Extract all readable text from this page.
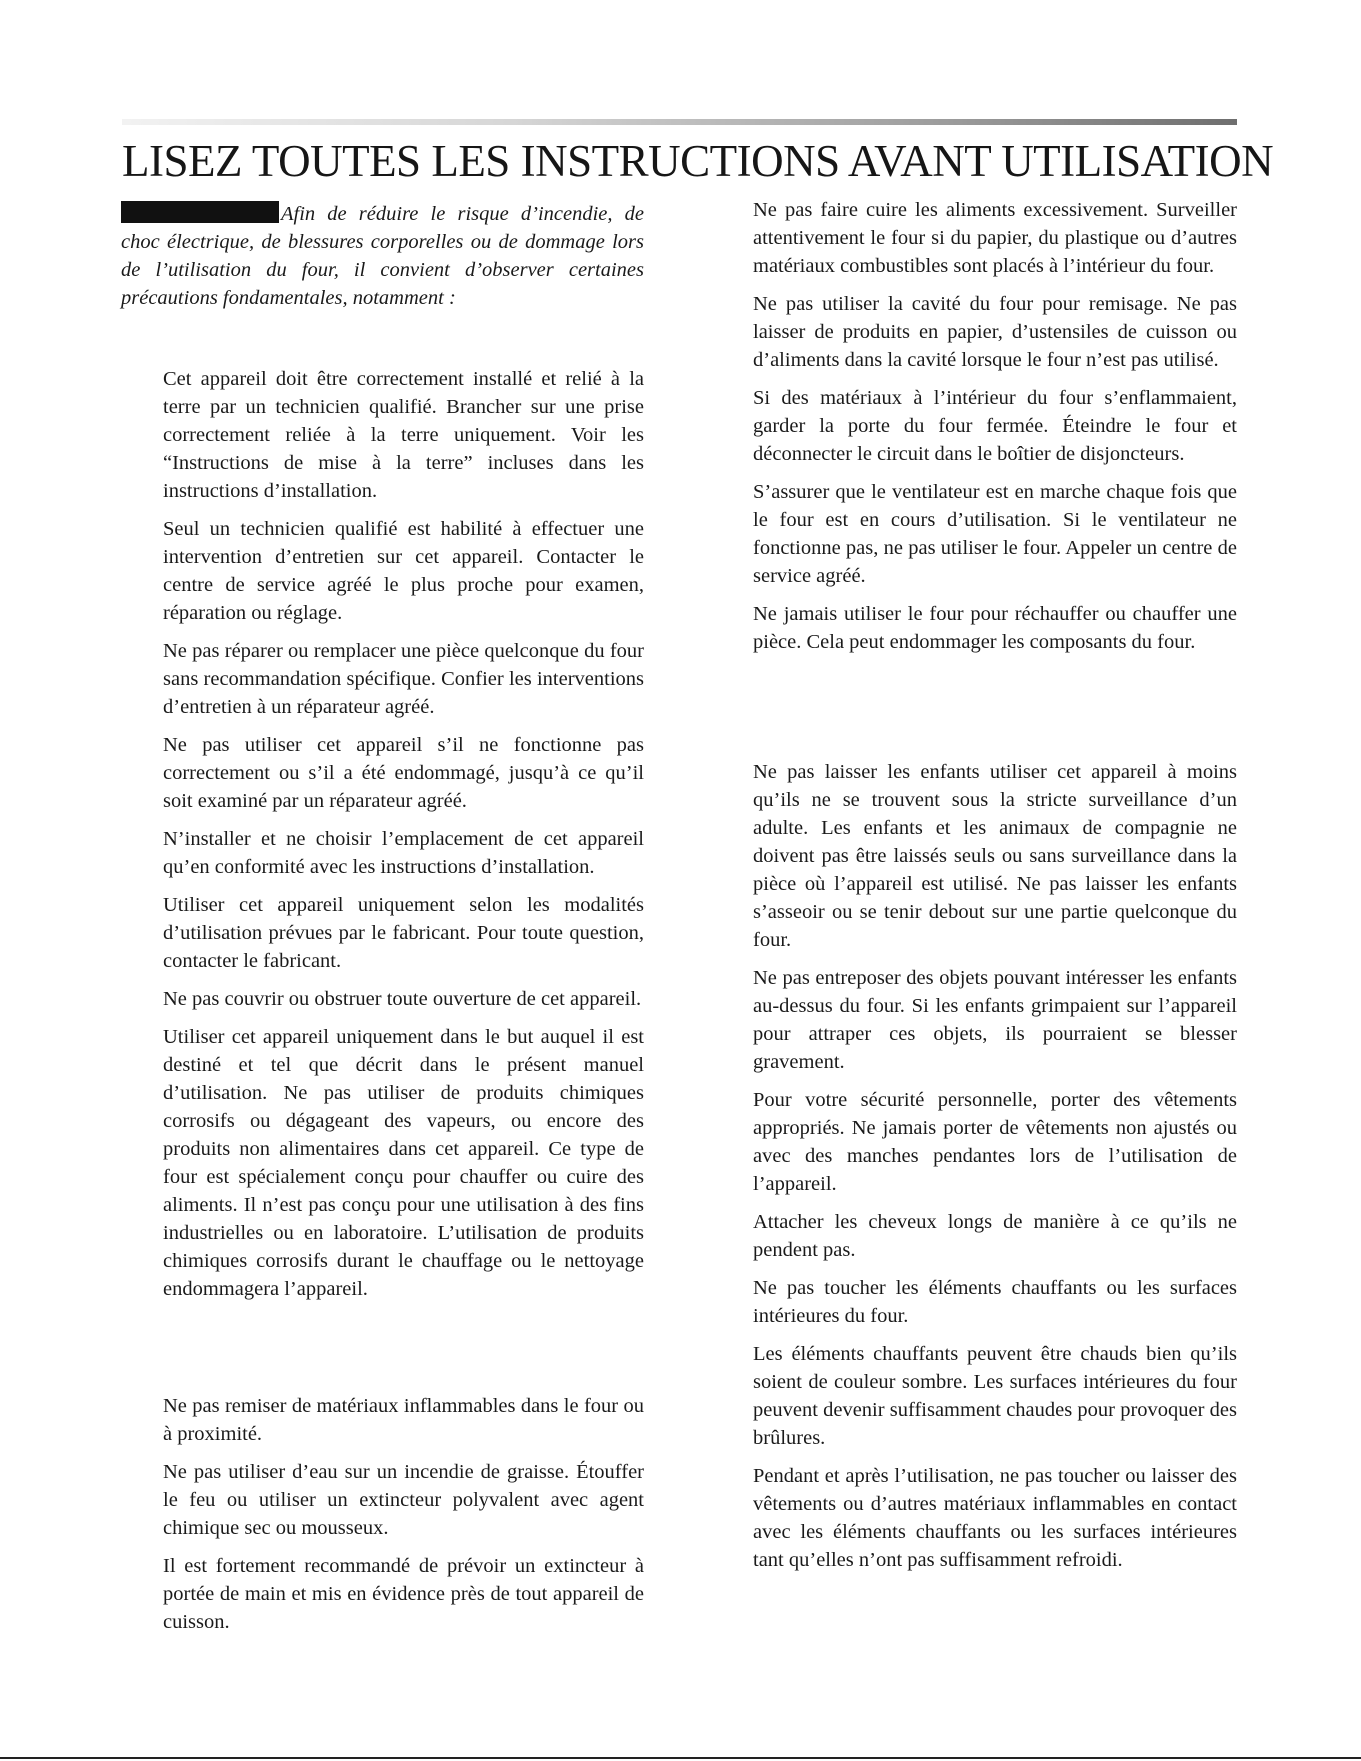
LISEZ TOUTES LES INSTRUCTIONS AVANT UTILISATION

Afin de réduire le risque d’incendie, de choc électrique, de blessures corporelles ou de dommage lors de l’utilisation du four, il convient d’observer certaines précautions fondamentales, notamment :

Cet appareil doit être correctement installé et relié à la terre par un technicien qualifié. Brancher sur une prise correctement reliée à la terre uniquement. Voir les “Instructions de mise à la terre” incluses dans les instructions d’installation.

Seul un technicien qualifié est habilité à effectuer une intervention d’entretien sur cet appareil. Contacter le centre de service agréé le plus proche pour examen, réparation ou réglage.

Ne pas réparer ou remplacer une pièce quelconque du four sans recommandation spécifique. Confier les interventions d’entretien à un réparateur agréé.

Ne pas utiliser cet appareil s’il ne fonctionne pas correctement ou s’il a été endommagé, jusqu’à ce qu’il soit examiné par un réparateur agréé.

N’installer et ne choisir l’emplacement de cet appareil qu’en conformité avec les instructions d’installation.

Utiliser cet appareil uniquement selon les modalités d’utilisation prévues par le fabricant. Pour toute question, contacter le fabricant.

Ne pas couvrir ou obstruer toute ouverture de cet appareil.

Utiliser cet appareil uniquement dans le but auquel il est destiné et tel que décrit dans le présent manuel d’utilisation. Ne pas utiliser de produits chimiques corrosifs ou dégageant des vapeurs, ou encore des produits non alimentaires dans cet appareil. Ce type de four est spécialement conçu pour chauffer ou cuire des aliments. Il n’est pas conçu pour une utilisation à des fins industrielles ou en laboratoire. L’utilisation de produits chimiques corrosifs durant le chauffage ou le nettoyage endommagera l’appareil.

Ne pas remiser de matériaux inflammables dans le four ou à proximité.

Ne pas utiliser d’eau sur un incendie de graisse. Étouffer le feu ou utiliser un extincteur polyvalent avec agent chimique sec ou mousseux.

Il est fortement recommandé de prévoir un extincteur à portée de main et mis en évidence près de tout appareil de cuisson.

Ne pas faire cuire les aliments excessivement. Surveiller attentivement le four si du papier, du plastique ou d’autres matériaux combustibles sont placés à l’intérieur du four.

Ne pas utiliser la cavité du four pour remisage. Ne pas laisser de produits en papier, d’ustensiles de cuisson ou d’aliments dans la cavité lorsque le four n’est pas utilisé.

Si des matériaux à l’intérieur du four s’enflammaient, garder la porte du four fermée. Éteindre le four et déconnecter le circuit dans le boîtier de disjoncteurs.

S’assurer que le ventilateur est en marche chaque fois que le four est en cours d’utilisation. Si le ventilateur ne fonctionne pas, ne pas utiliser le four. Appeler un centre de service agréé.

Ne jamais utiliser le four pour réchauffer ou chauffer une pièce. Cela peut endommager les composants du four.

Ne pas laisser les enfants utiliser cet appareil à moins qu’ils ne se trouvent sous la stricte surveillance d’un adulte. Les enfants et les animaux de compagnie ne doivent pas être laissés seuls ou sans surveillance dans la pièce où l’appareil est utilisé. Ne pas laisser les enfants s’asseoir ou se tenir debout sur une partie quelconque du four.

Ne pas entreposer des objets pouvant intéresser les enfants au-dessus du four. Si les enfants grimpaient sur l’appareil pour attraper ces objets, ils pourraient se blesser gravement.

Pour votre sécurité personnelle, porter des vêtements appropriés. Ne jamais porter de vêtements non ajustés ou avec des manches pendantes lors de l’utilisation de l’appareil.

Attacher les cheveux longs de manière à ce qu’ils ne pendent pas.

Ne pas toucher les éléments chauffants ou les surfaces intérieures du four.

Les éléments chauffants peuvent être chauds bien qu’ils soient de couleur sombre. Les surfaces intérieures du four peuvent devenir suffisamment chaudes pour provoquer des brûlures.

Pendant et après l’utilisation, ne pas toucher ou laisser des vêtements ou d’autres matériaux inflammables en contact avec les éléments chauffants ou les surfaces intérieures tant qu’elles n’ont pas suffisamment refroidi.
